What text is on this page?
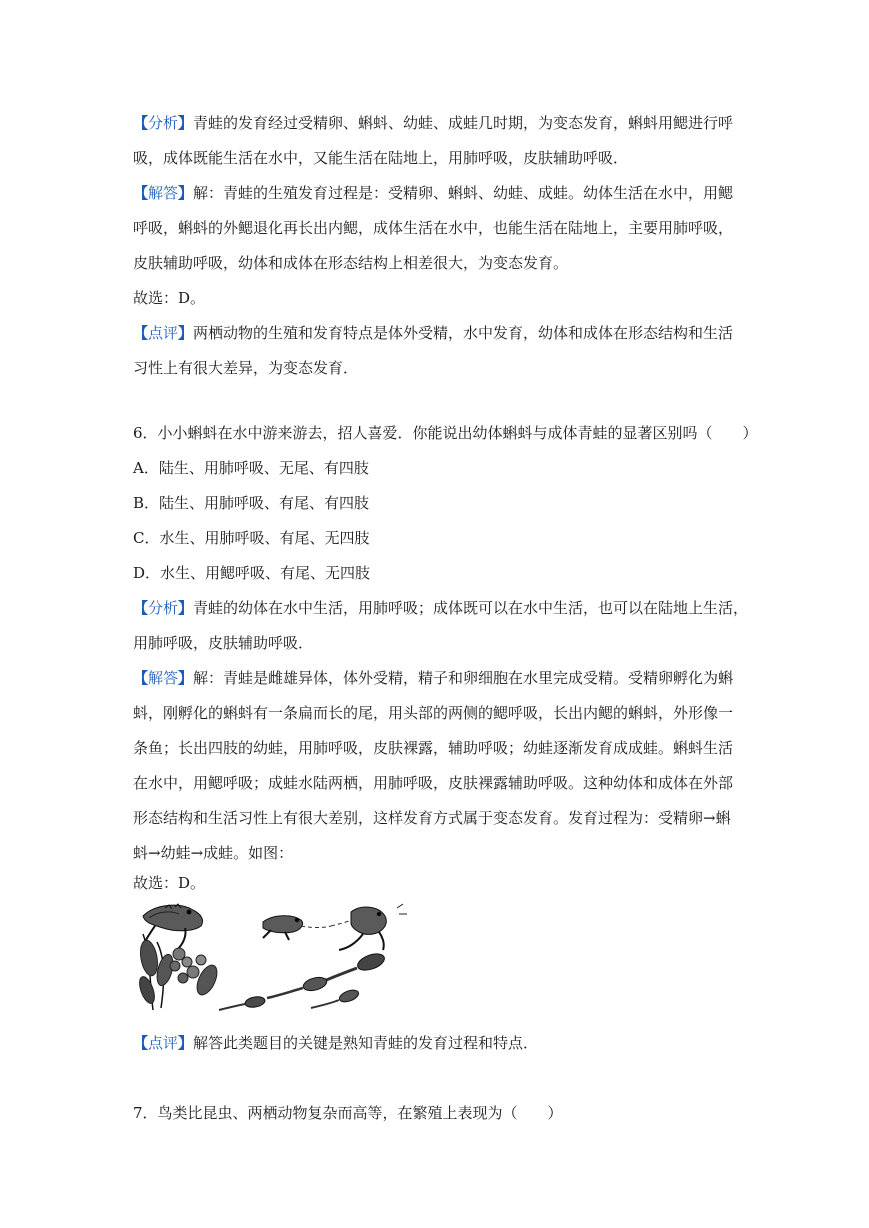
【分析】青蛙的发育经过受精卵、蝌蚪、幼蛙、成蛙几时期，为变态发育，蝌蚪用鳃进行呼
吸，成体既能生活在水中，又能生活在陆地上，用肺呼吸，皮肤辅助呼吸．
【解答】解：青蛙的生殖发育过程是：受精卵、蝌蚪、幼蛙、成蛙。幼体生活在水中，用鳃
呼吸，蝌蚪的外鳃退化再长出内鳃，成体生活在水中，也能生活在陆地上，主要用肺呼吸，
皮肤辅助呼吸，幼体和成体在形态结构上相差很大，为变态发育。
故选：D。
【点评】两栖动物的生殖和发育特点是体外受精，水中发育，幼体和成体在形态结构和生活
习性上有很大差异，为变态发育．
6．小小蝌蚪在水中游来游去，招人喜爱．你能说出幼体蝌蚪与成体青蛙的显著区别吗（　　）
A．陆生、用肺呼吸、无尾、有四肢
B．陆生、用肺呼吸、有尾、有四肢
C．水生、用肺呼吸、有尾、无四肢
D．水生、用鳃呼吸、有尾、无四肢
【分析】青蛙的幼体在水中生活，用肺呼吸；成体既可以在水中生活，也可以在陆地上生活，
用肺呼吸，皮肤辅助呼吸．
【解答】解：青蛙是雌雄异体，体外受精，精子和卵细胞在水里完成受精。受精卵孵化为蝌
蚪，刚孵化的蝌蚪有一条扁而长的尾，用头部的两侧的鳃呼吸，长出内鳃的蝌蚪，外形像一
条鱼；长出四肢的幼蛙，用肺呼吸，皮肤裸露，辅助呼吸；幼蛙逐渐发育成成蛙。蝌蚪生活
在水中，用鳃呼吸；成蛙水陆两栖，用肺呼吸，皮肤裸露辅助呼吸。这种幼体和成体在外部
形态结构和生活习性上有很大差别，这样发育方式属于变态发育。发育过程为：受精卵→蝌
蚪→幼蛙→成蛙。如图：
故选：D。
【点评】解答此类题目的关键是熟知青蛙的发育过程和特点．
7．鸟类比昆虫、两栖动物复杂而高等，在繁殖上表现为（　　）
